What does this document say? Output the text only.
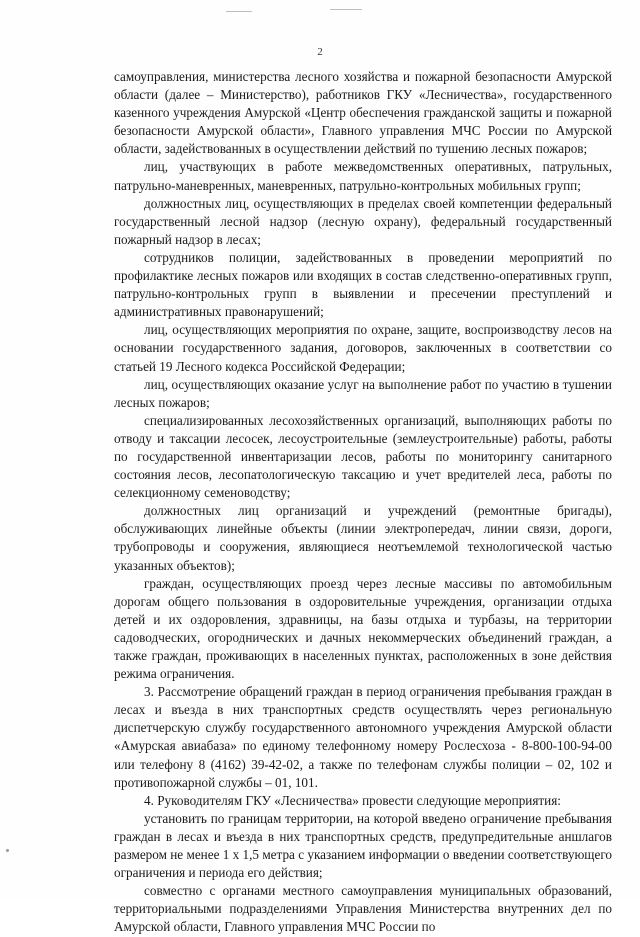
2

самоуправления, министерства лесного хозяйства и пожарной безопасности Амурской области (далее – Министерство), работников ГКУ «Лесничества», государственного казенного учреждения Амурской «Центр обеспечения гражданской защиты и пожарной безопасности Амурской области», Главного управления МЧС России по Амурской области, задействованных в осуществлении действий по тушению лесных пожаров;

лиц, участвующих в работе межведомственных оперативных, патрульных, патрульно-маневренных, маневренных, патрульно-контрольных мобильных групп;

должностных лиц, осуществляющих в пределах своей компетенции федеральный государственный лесной надзор (лесную охрану), федеральный государственный пожарный надзор в лесах;

сотрудников полиции, задействованных в проведении мероприятий по профилактике лесных пожаров или входящих в состав следственно-оперативных групп, патрульно-контрольных групп в выявлении и пресечении преступлений и административных правонарушений;

лиц, осуществляющих мероприятия по охране, защите, воспроизводству лесов на основании государственного задания, договоров, заключенных в соответствии со статьей 19 Лесного кодекса Российской Федерации;

лиц, осуществляющих оказание услуг на выполнение работ по участию в тушении лесных пожаров;

специализированных лесохозяйственных организаций, выполняющих работы по отводу и таксации лесосек, лесоустроительные (землеустроительные) работы, работы по государственной инвентаризации лесов, работы по мониторингу санитарного состояния лесов, лесопатологическую таксацию и учет вредителей леса, работы по селекционному семеноводству;

должностных лиц организаций и учреждений (ремонтные бригады), обслуживающих линейные объекты (линии электропередач, линии связи, дороги, трубопроводы и сооружения, являющиеся неотъемлемой технологической частью указанных объектов);

граждан, осуществляющих проезд через лесные массивы по автомобильным дорогам общего пользования в оздоровительные учреждения, организации отдыха детей и их оздоровления, здравницы, на базы отдыха и турбазы, на территории садоводческих, огороднических и дачных некоммерческих объединений граждан, а также граждан, проживающих в населенных пунктах, расположенных в зоне действия режима ограничения.

3. Рассмотрение обращений граждан в период ограничения пребывания граждан в лесах и въезда в них транспортных средств осуществлять через региональную диспетчерскую службу государственного автономного учреждения Амурской области «Амурская авиабаза» по единому телефонному номеру Рослесхоза - 8-800-100-94-00 или телефону 8 (4162) 39-42-02, а также по телефонам службы полиции – 02, 102 и противопожарной службы – 01, 101.

4. Руководителям ГКУ «Лесничества» провести следующие мероприятия:

установить по границам территории, на которой введено ограничение пребывания граждан в лесах и въезда в них транспортных средств, предупредительные аншлагов размером не менее 1 х 1,5 метра с указанием информации о введении соответствующего ограничения и периода его действия;

совместно с органами местного самоуправления муниципальных образований, территориальными подразделениями Управления Министерства внутренних дел по Амурской области, Главного управления МЧС России по
